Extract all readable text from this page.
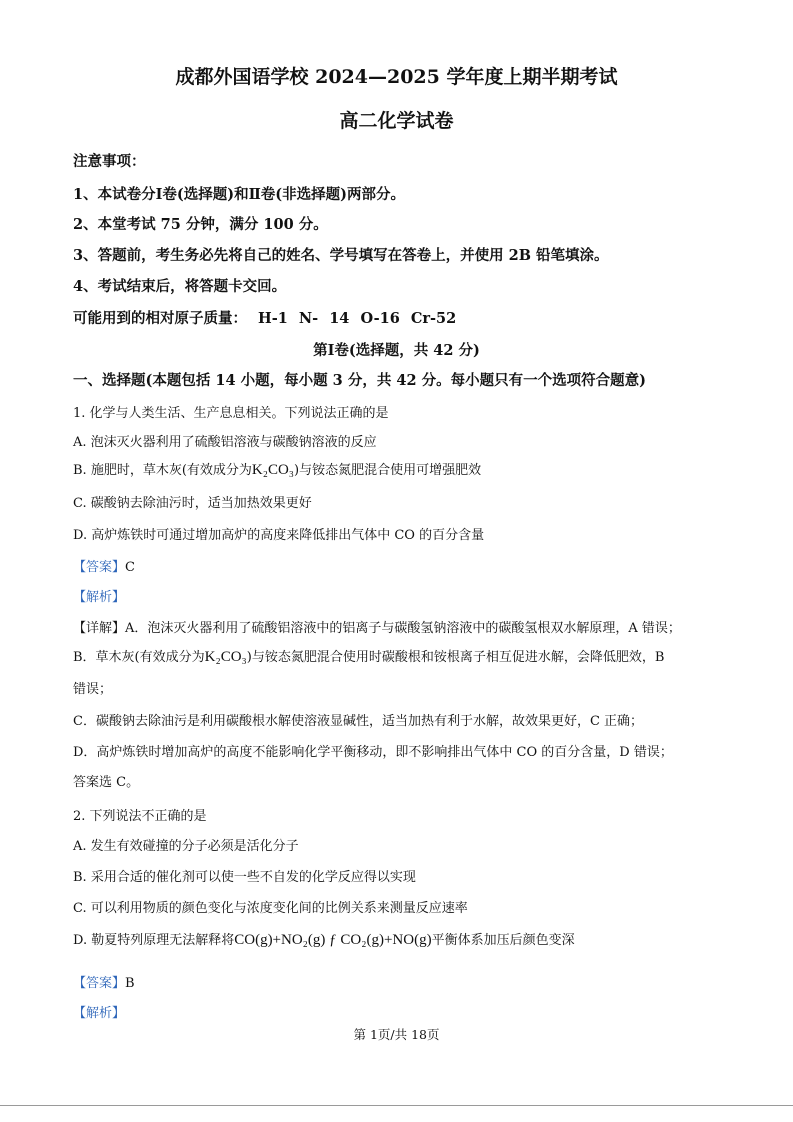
成都外国语学校 2024—2025 学年度上期半期考试
高二化学试卷
注意事项：
1、本试卷分Ⅰ卷(选择题)和Ⅱ卷(非选择题)两部分。
2、本堂考试 75 分钟，满分 100 分。
3、答题前，考生务必先将自己的姓名、学号填写在答卷上，并使用 2B 铅笔填涂。
4、考试结束后，将答题卡交回。
可能用到的相对原子质量： H-1 N- 14 O-16 Cr-52
第Ⅰ卷(选择题，共 42 分)
一、选择题(本题包括 14 小题，每小题 3 分，共 42 分。每小题只有一个选项符合题意)
1. 化学与人类生活、生产息息相关。下列说法正确的是
A. 泡沫灭火器利用了硫酸铝溶液与碳酸钠溶液的反应
B. 施肥时，草木灰(有效成分为K₂CO₃)与铵态氮肥混合使用可增强肥效
C. 碳酸钠去除油污时，适当加热效果更好
D. 高炉炼铁时可通过增加高炉的高度来降低排出气体中 CO 的百分含量
【答案】C
【解析】
【详解】A．泡沫灭火器利用了硫酸铝溶液中的铝离子与碳酸氢钠溶液中的碳酸氢根双水解原理，A 错误；
B．草木灰(有效成分为K₂CO₃)与铵态氮肥混合使用时碳酸根和铵根离子相互促进水解，会降低肥效，B
错误；
C．碳酸钠去除油污是利用碳酸根水解使溶液显碱性，适当加热有利于水解，故效果更好，C 正确；
D．高炉炼铁时增加高炉的高度不能影响化学平衡移动，即不影响排出气体中 CO 的百分含量，D 错误；
答案选 C。
2. 下列说法不正确的是
A. 发生有效碰撞的分子必须是活化分子
B. 采用合适的催化剂可以使一些不自发的化学反应得以实现
C. 可以利用物质的颜色变化与浓度变化间的比例关系来测量反应速率
D. 勒夏特列原理无法解释将CO(g)+NO₂(g) ƒ CO₂(g)+NO(g)平衡体系加压后颜色变深
【答案】B
【解析】
第 1页/共 18页
